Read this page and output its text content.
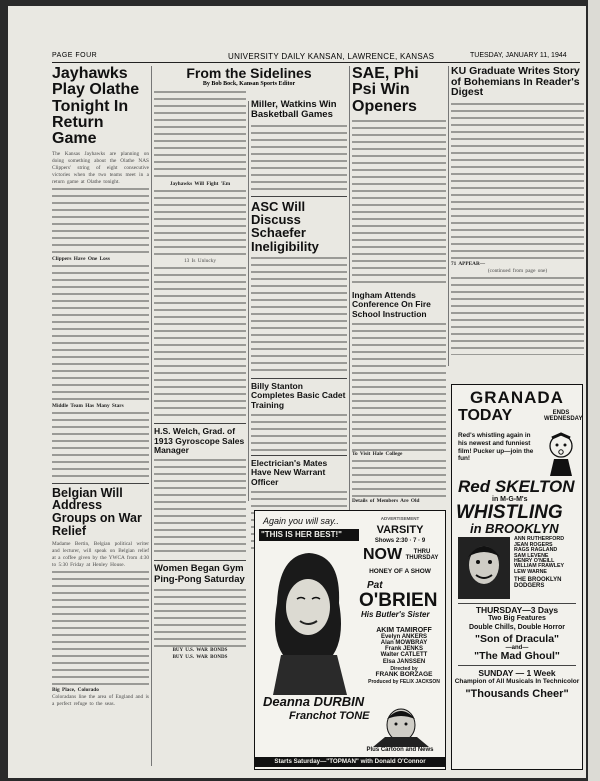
PAGE FOUR	UNIVERSITY DAILY KANSAN, LAWRENCE, KANSAS	TUESDAY, JANUARY 11, 1944
Jayhawks Play Olathe Tonight In Return Game
The Kansas Jayhawks are planning on doing something about the Olathe NAS Clippers' string of eight consecutive victories when the two teams meet in a return game at Olathe tonight.
Clippers Have One Loss
Middle Team Has Many Stars
Belgian Will Address Groups on War Relief
Madame Bertin, Belgian political writer and lecturer, will speak on Belgian relief at a coffee given by the YWCA from 4:30 to 5:30 Friday at Henley House.
Big Place, Colorado
Coloradans line the area of England and is a perfect refuge to the seas.
From the Sidelines
By Bob Bock, Kansan Sports Editor
Jayhawks Will Fight 'Em
13 Is Unlucky
H.S. Welch, Grad. of 1913 Gyroscope Sales Manager
Women Began Gym Ping-Pong Saturday
BUY U.S. WAR BONDS
BUY U.S. WAR BONDS
Miller, Watkins Win Basketball Games
ASC Will Discuss Schaefer Ineligibility
Billy Stanton Completes Basic Cadet Training
Electrician's Mates Have New Warrant Officer
SAE, Phi Psi Win Openers
Ingham Attends Conference On Fire School Instruction
To Visit Hale College
Details of Members Are Old
KU Graduate Writes Story of Bohemians In Reader's Digest
71 APPEAR—
(continued from page one)
GRANADA
TODAY	ENDS WEDNESDAY
Red's whistling again in his newest and funniest film! Pucker up—join the fun!
Red SKELTON
in M-G-M's
WHISTLING
in BROOKLYN
ANN RUTHERFORD
JEAN ROGERS
RAGS RAGLAND
SAM LEVENE
HENRY O'NEILL
WILLIAM FRAWLEY
LEW WARNE
THE BROOKLYN DODGERS
THURSDAY—3 Days
Two Big Features
Double Chills, Double Horror
"Son of Dracula"
—and—
"The Mad Ghoul"
SUNDAY — 1 Week
Champion of All Musicals In Technicolor
"Thousands Cheer"
Again you will say..
"THIS IS HER BEST!"
Deanna DURBIN
Franchot TONE
ADVERTISEMENT
VARSITY
Shows 2:30 · 7 · 9
NOW	THRU THURSDAY
HONEY OF A SHOW
Pat
O'BRIEN
His Butler's Sister
AKIM TAMIROFF
Evelyn ANKERS
Alan MOWBRAY
Frank JENKS
Walter CATLETT
Elsa JANSSEN
Directed by
FRANK BORZAGE
Produced by FELIX JACKSON
Plus Cartoon and News
Starts Saturday—"TOPMAN" with Donald O'Connor
